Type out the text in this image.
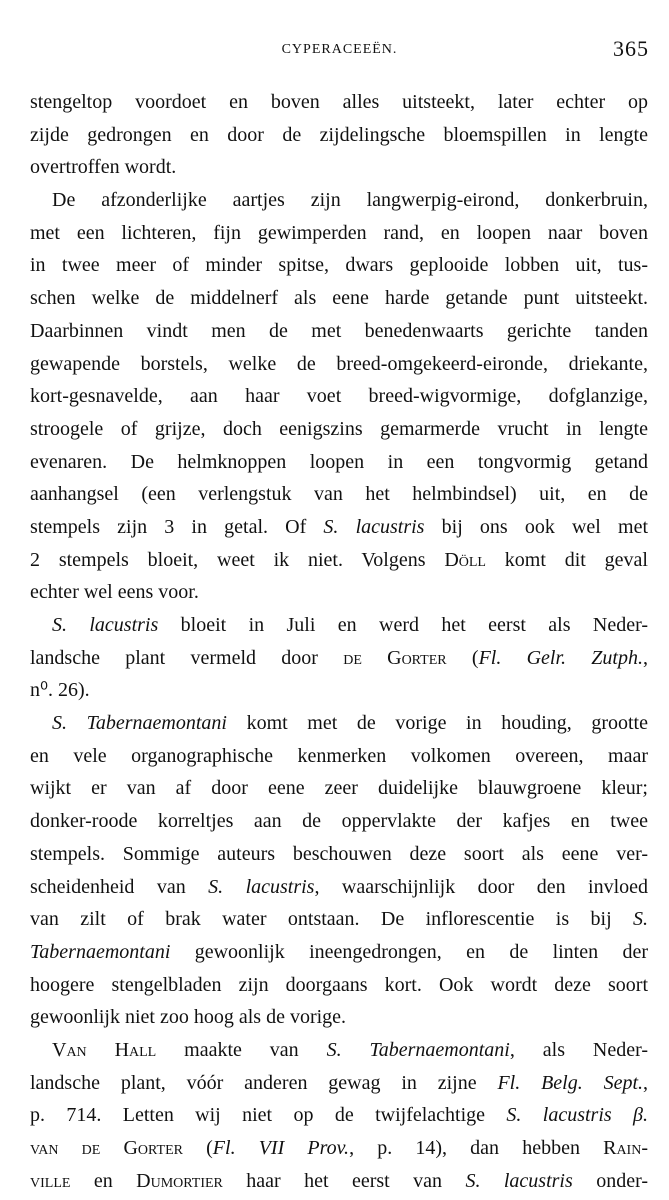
CYPERACEEËN.	365
stengeltop voordoet en boven alles uitsteekt, later echter op
zijde gedrongen en door de zijdelingsche bloemspillen in lengte
overtroffen wordt.
De afzonderlijke aartjes zijn langwerpig-eirond, donkerbruin,
met een lichteren, fijn gewimperden rand, en loopen naar boven
in twee meer of minder spitse, dwars geplooide lobben uit, tus-
schen welke de middelnerf als eene harde getande punt uitsteekt.
Daarbinnen vindt men de met benedenwaarts gerichte tanden
gewapende borstels, welke de breed-omgekeerd-eironde, driekante,
kort-gesnavelde, aan haar voet breed-wigvormige, dofglanzige,
stroogele of grijze, doch eenigszins gemarmerde vrucht in lengte
evenaren. De helmknoppen loopen in een tongvormig getand
aanhangsel (een verlengstuk van het helmbindsel) uit, en de
stempels zijn 3 in getal. Of S. lacustris bij ons ook wel met
2 stempels bloeit, weet ik niet. Volgens Döll komt dit geval
echter wel eens voor.
S. lacustris bloeit in Juli en werd het eerst als Neder-
landsche plant vermeld door de Gorter (Fl. Gelr. Zutph.,
n⁰. 26).
S. Tabernaemontani komt met de vorige in houding, grootte
en vele organographische kenmerken volkomen overeen, maar
wijkt er van af door eene zeer duidelijke blauwgroene kleur;
donker-roode korreltjes aan de oppervlakte der kafjes en twee
stempels. Sommige auteurs beschouwen deze soort als eene ver-
scheidenheid van S. lacustris, waarschijnlijk door den invloed
van zilt of brak water ontstaan. De inflorescentie is bij S.
Tabernaemontani gewoonlijk ineengedrongen, en de linten der
hoogere stengelbladen zijn doorgaans kort. Ook wordt deze soort
gewoonlijk niet zoo hoog als de vorige.
Van Hall maakte van S. Tabernaemontani, als Neder-
landsche plant, vóór anderen gewag in zijne Fl. Belg. Sept.,
p. 714. Letten wij niet op de twijfelachtige S. lacustris β.
van de Gorter (Fl. VII Prov., p. 14), dan hebben Rain-
ville en Dumortier haar het eerst van S. lacustris onder-
